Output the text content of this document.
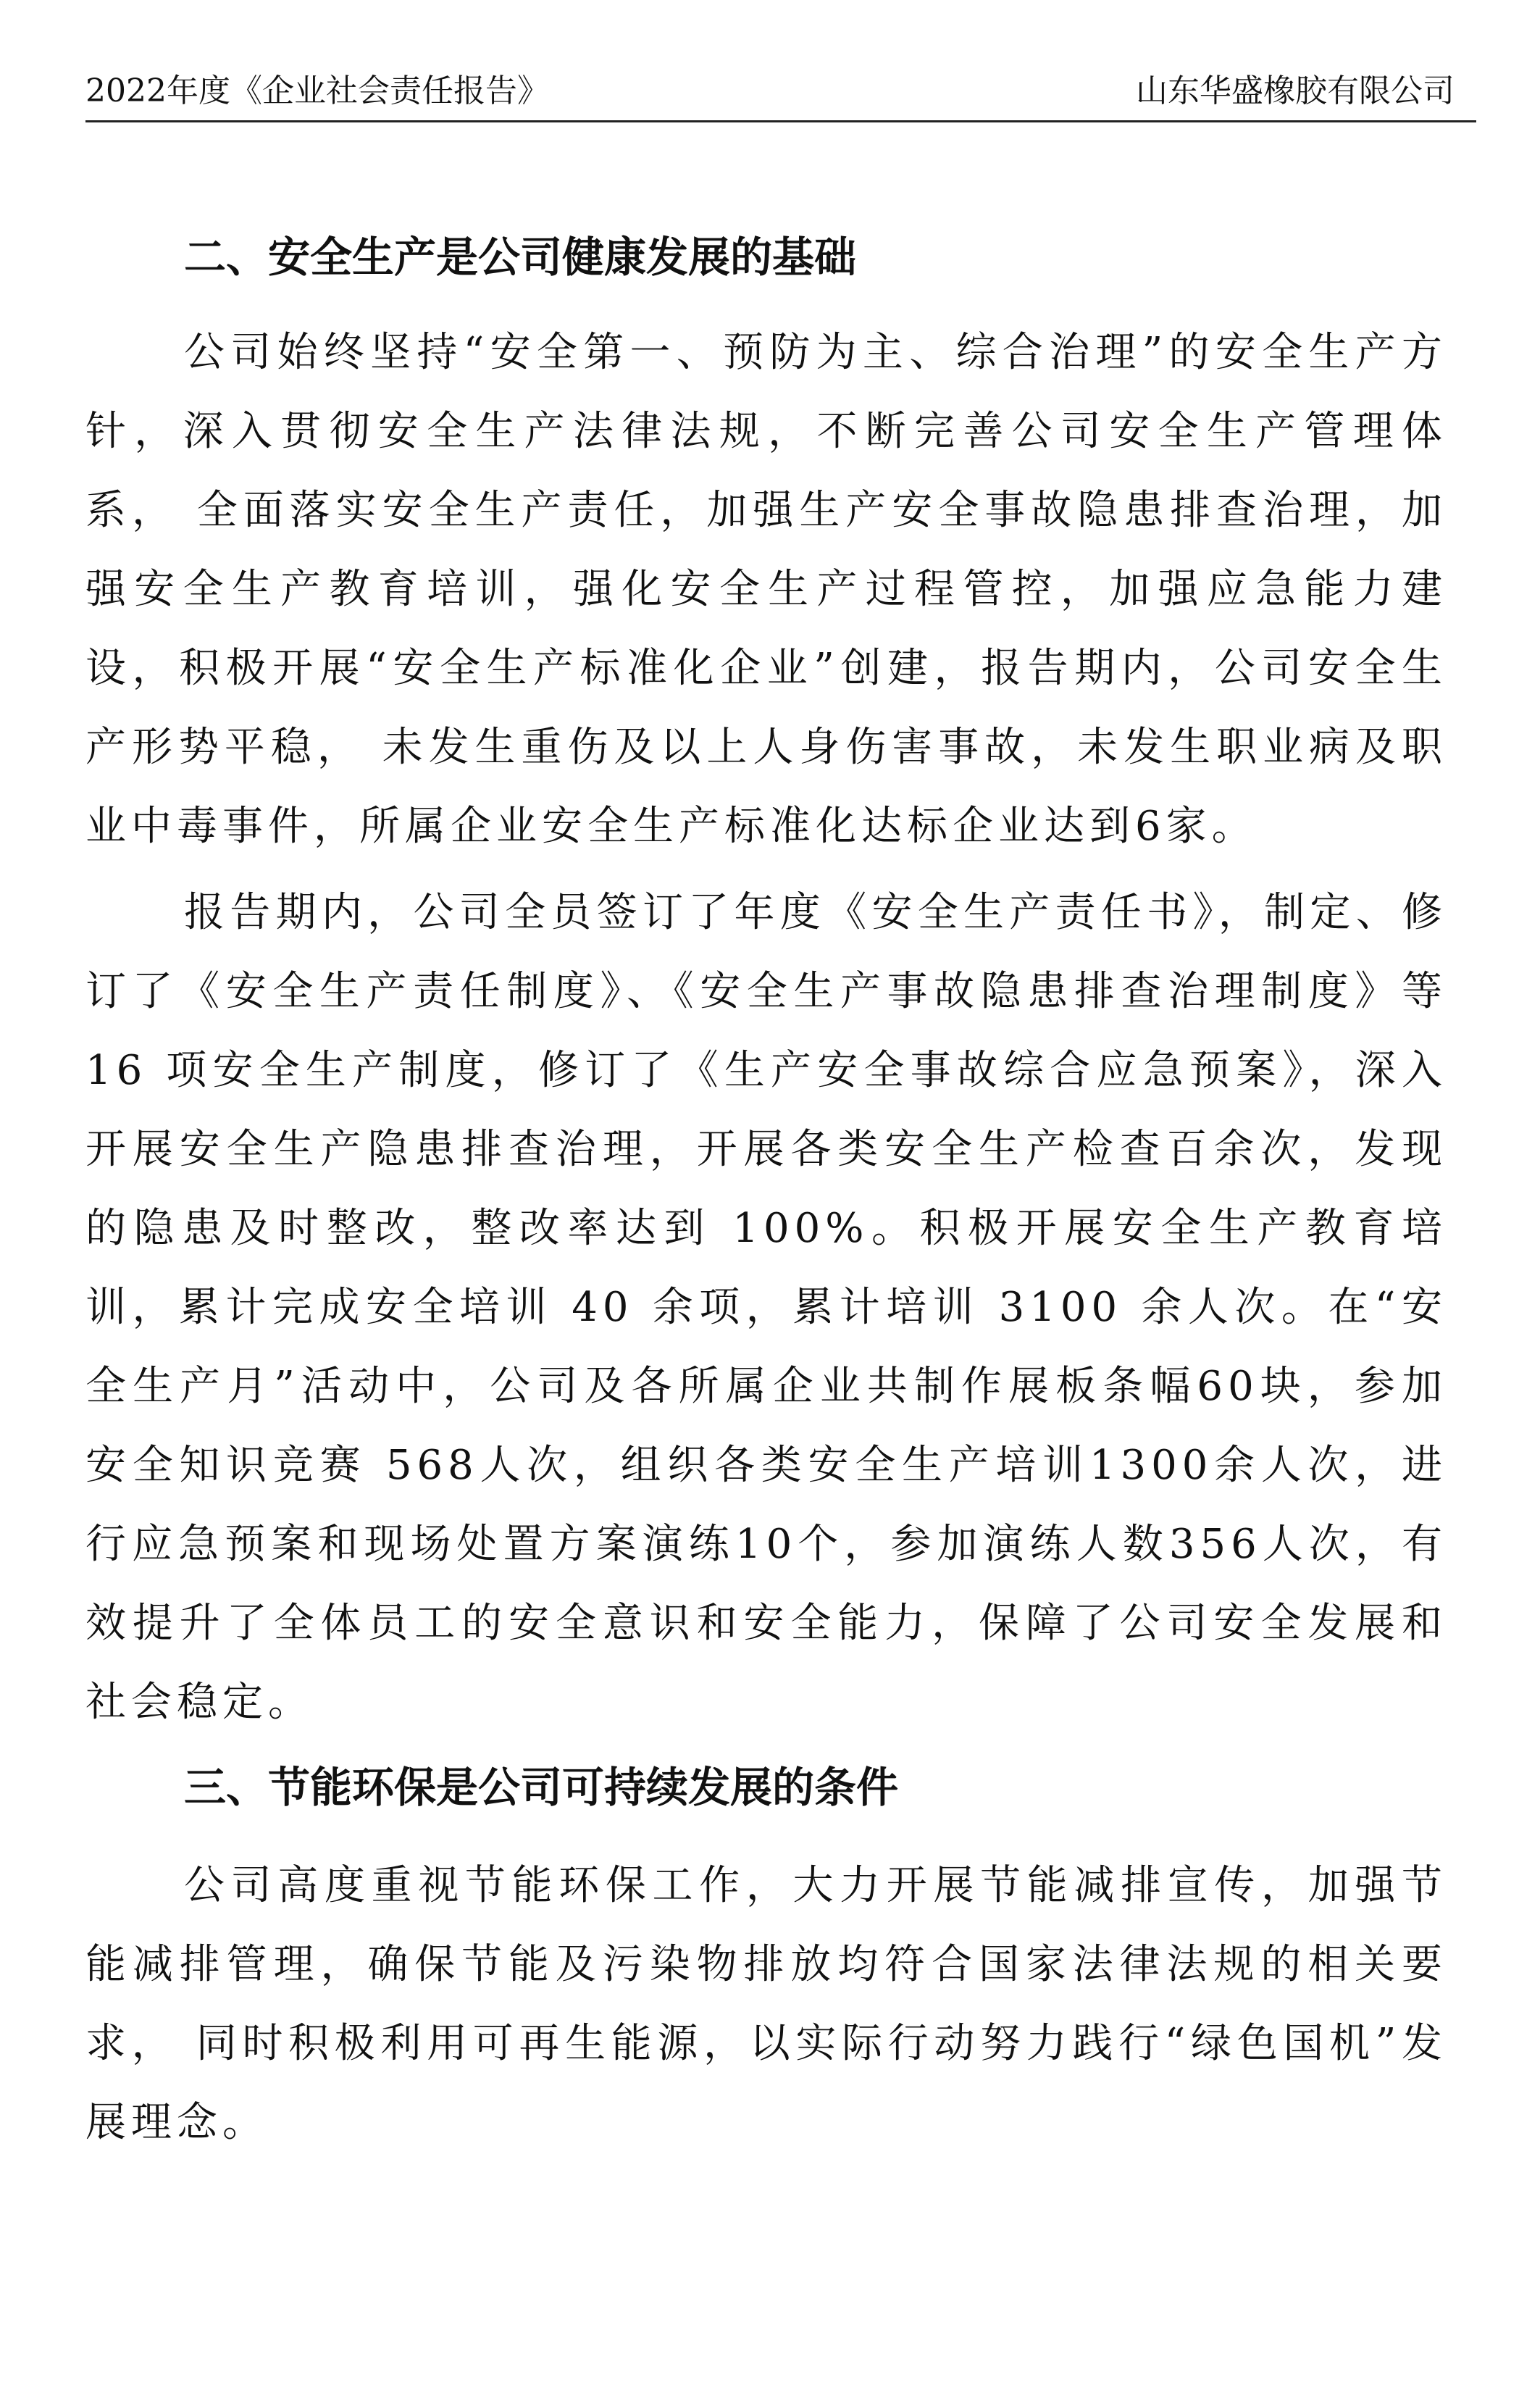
2022年度《企业社会责任报告》	山东华盛橡胶有限公司
二、安全生产是公司健康发展的基础

公司始终坚持“安全第一、预防为主、综合治理”的安全生产方针，深入贯彻安全生产法律法规，不断完善公司安全生产管理体系， 全面落实安全生产责任，加强生产安全事故隐患排查治理，加强安全生产教育培训，强化安全生产过程管控，加强应急能力建设，积极开展“安全生产标准化企业”创建，报告期内，公司安全生产形势平稳， 未发生重伤及以上人身伤害事故，未发生职业病及职业中毒事件，所属企业安全生产标准化达标企业达到6家。

报告期内，公司全员签订了年度《安全生产责任书》，制定、修订了《安全生产责任制度》、《安全生产事故隐患排查治理制度》等16 项安全生产制度，修订了《生产安全事故综合应急预案》，深入开展安全生产隐患排查治理，开展各类安全生产检查百余次，发现的隐患及时整改，整改率达到 100%。积极开展安全生产教育培训，累计完成安全培训 40 余项，累计培训 3100 余人次。在“安全生产月”活动中，公司及各所属企业共制作展板条幅60块，参加安全知识竞赛 568人次，组织各类安全生产培训1300余人次，进行应急预案和现场处置方案演练10个，参加演练人数356人次，有效提升了全体员工的安全意识和安全能力，保障了公司安全发展和社会稳定。

三、节能环保是公司可持续发展的条件

公司高度重视节能环保工作，大力开展节能减排宣传，加强节能减排管理，确保节能及污染物排放均符合国家法律法规的相关要求， 同时积极利用可再生能源，以实际行动努力践行“绿色国机”发展理念。
